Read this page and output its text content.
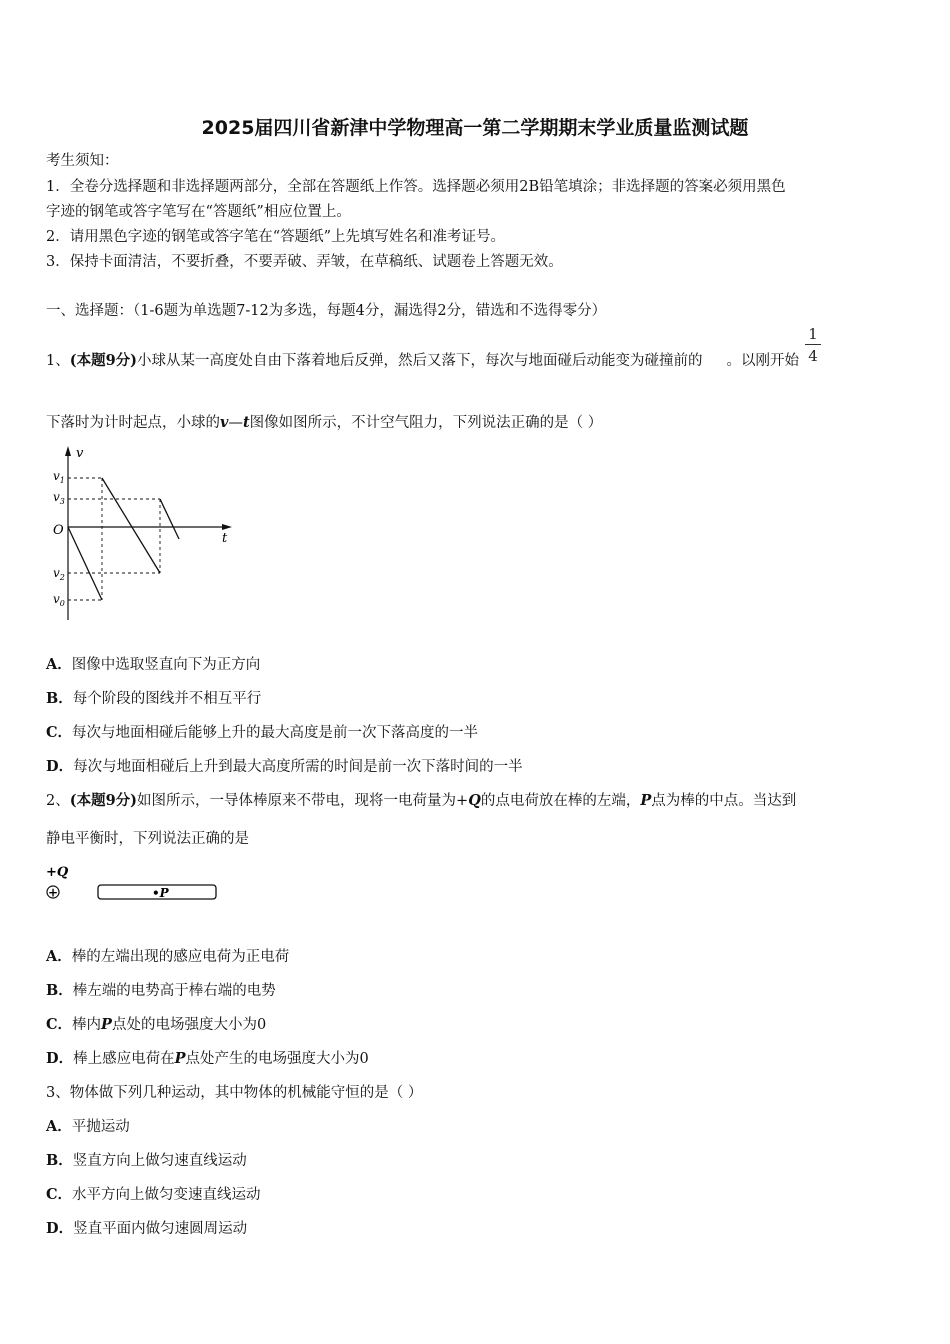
2025届四川省新津中学物理高一第二学期期末学业质量监测试题
考生须知：
1．全卷分选择题和非选择题两部分，全部在答题纸上作答。选择题必须用2B铅笔填涂；非选择题的答案必须用黑色
字迹的钢笔或答字笔写在“答题纸”相应位置上。
2．请用黑色字迹的钢笔或答字笔在“答题纸”上先填写姓名和准考证号。
3．保持卡面清洁，不要折叠，不要弄破、弄皱，在草稿纸、试题卷上答题无效。
一、选择题：（1-6题为单选题7-12为多选，每题4分，漏选得2分，错选和不选得零分）
1、(本题9分)小球从某一高度处自由下落着地后反弹，然后又落下，每次与地面碰后动能变为碰撞前的 。以刚开始
1
4
下落时为计时起点，小球的v—t图像如图所示，不计空气阻力，下列说法正确的是（ ）
v
t
O
$v_1$
$v_3$
$v_2$
$v_0$
A．图像中选取竖直向下为正方向
B．每个阶段的图线并不相互平行
C．每次与地面相碰后能够上升的最大高度是前一次下落高度的一半
D．每次与地面相碰后上升到最大高度所需的时间是前一次下落时间的一半
2、(本题9分)如图所示，一导体棒原来不带电，现将一电荷量为+Q的点电荷放在棒的左端，P点为棒的中点。当达到
静电平衡时，下列说法正确的是
+Q
+	•P
A．棒的左端出现的感应电荷为正电荷
B．棒左端的电势高于棒右端的电势
C．棒内P点处的电场强度大小为0
D．棒上感应电荷在P点处产生的电场强度大小为0
3、物体做下列几种运动，其中物体的机械能守恒的是（ ）
A．平抛运动
B．竖直方向上做匀速直线运动
C．水平方向上做匀变速直线运动
D．竖直平面内做匀速圆周运动
